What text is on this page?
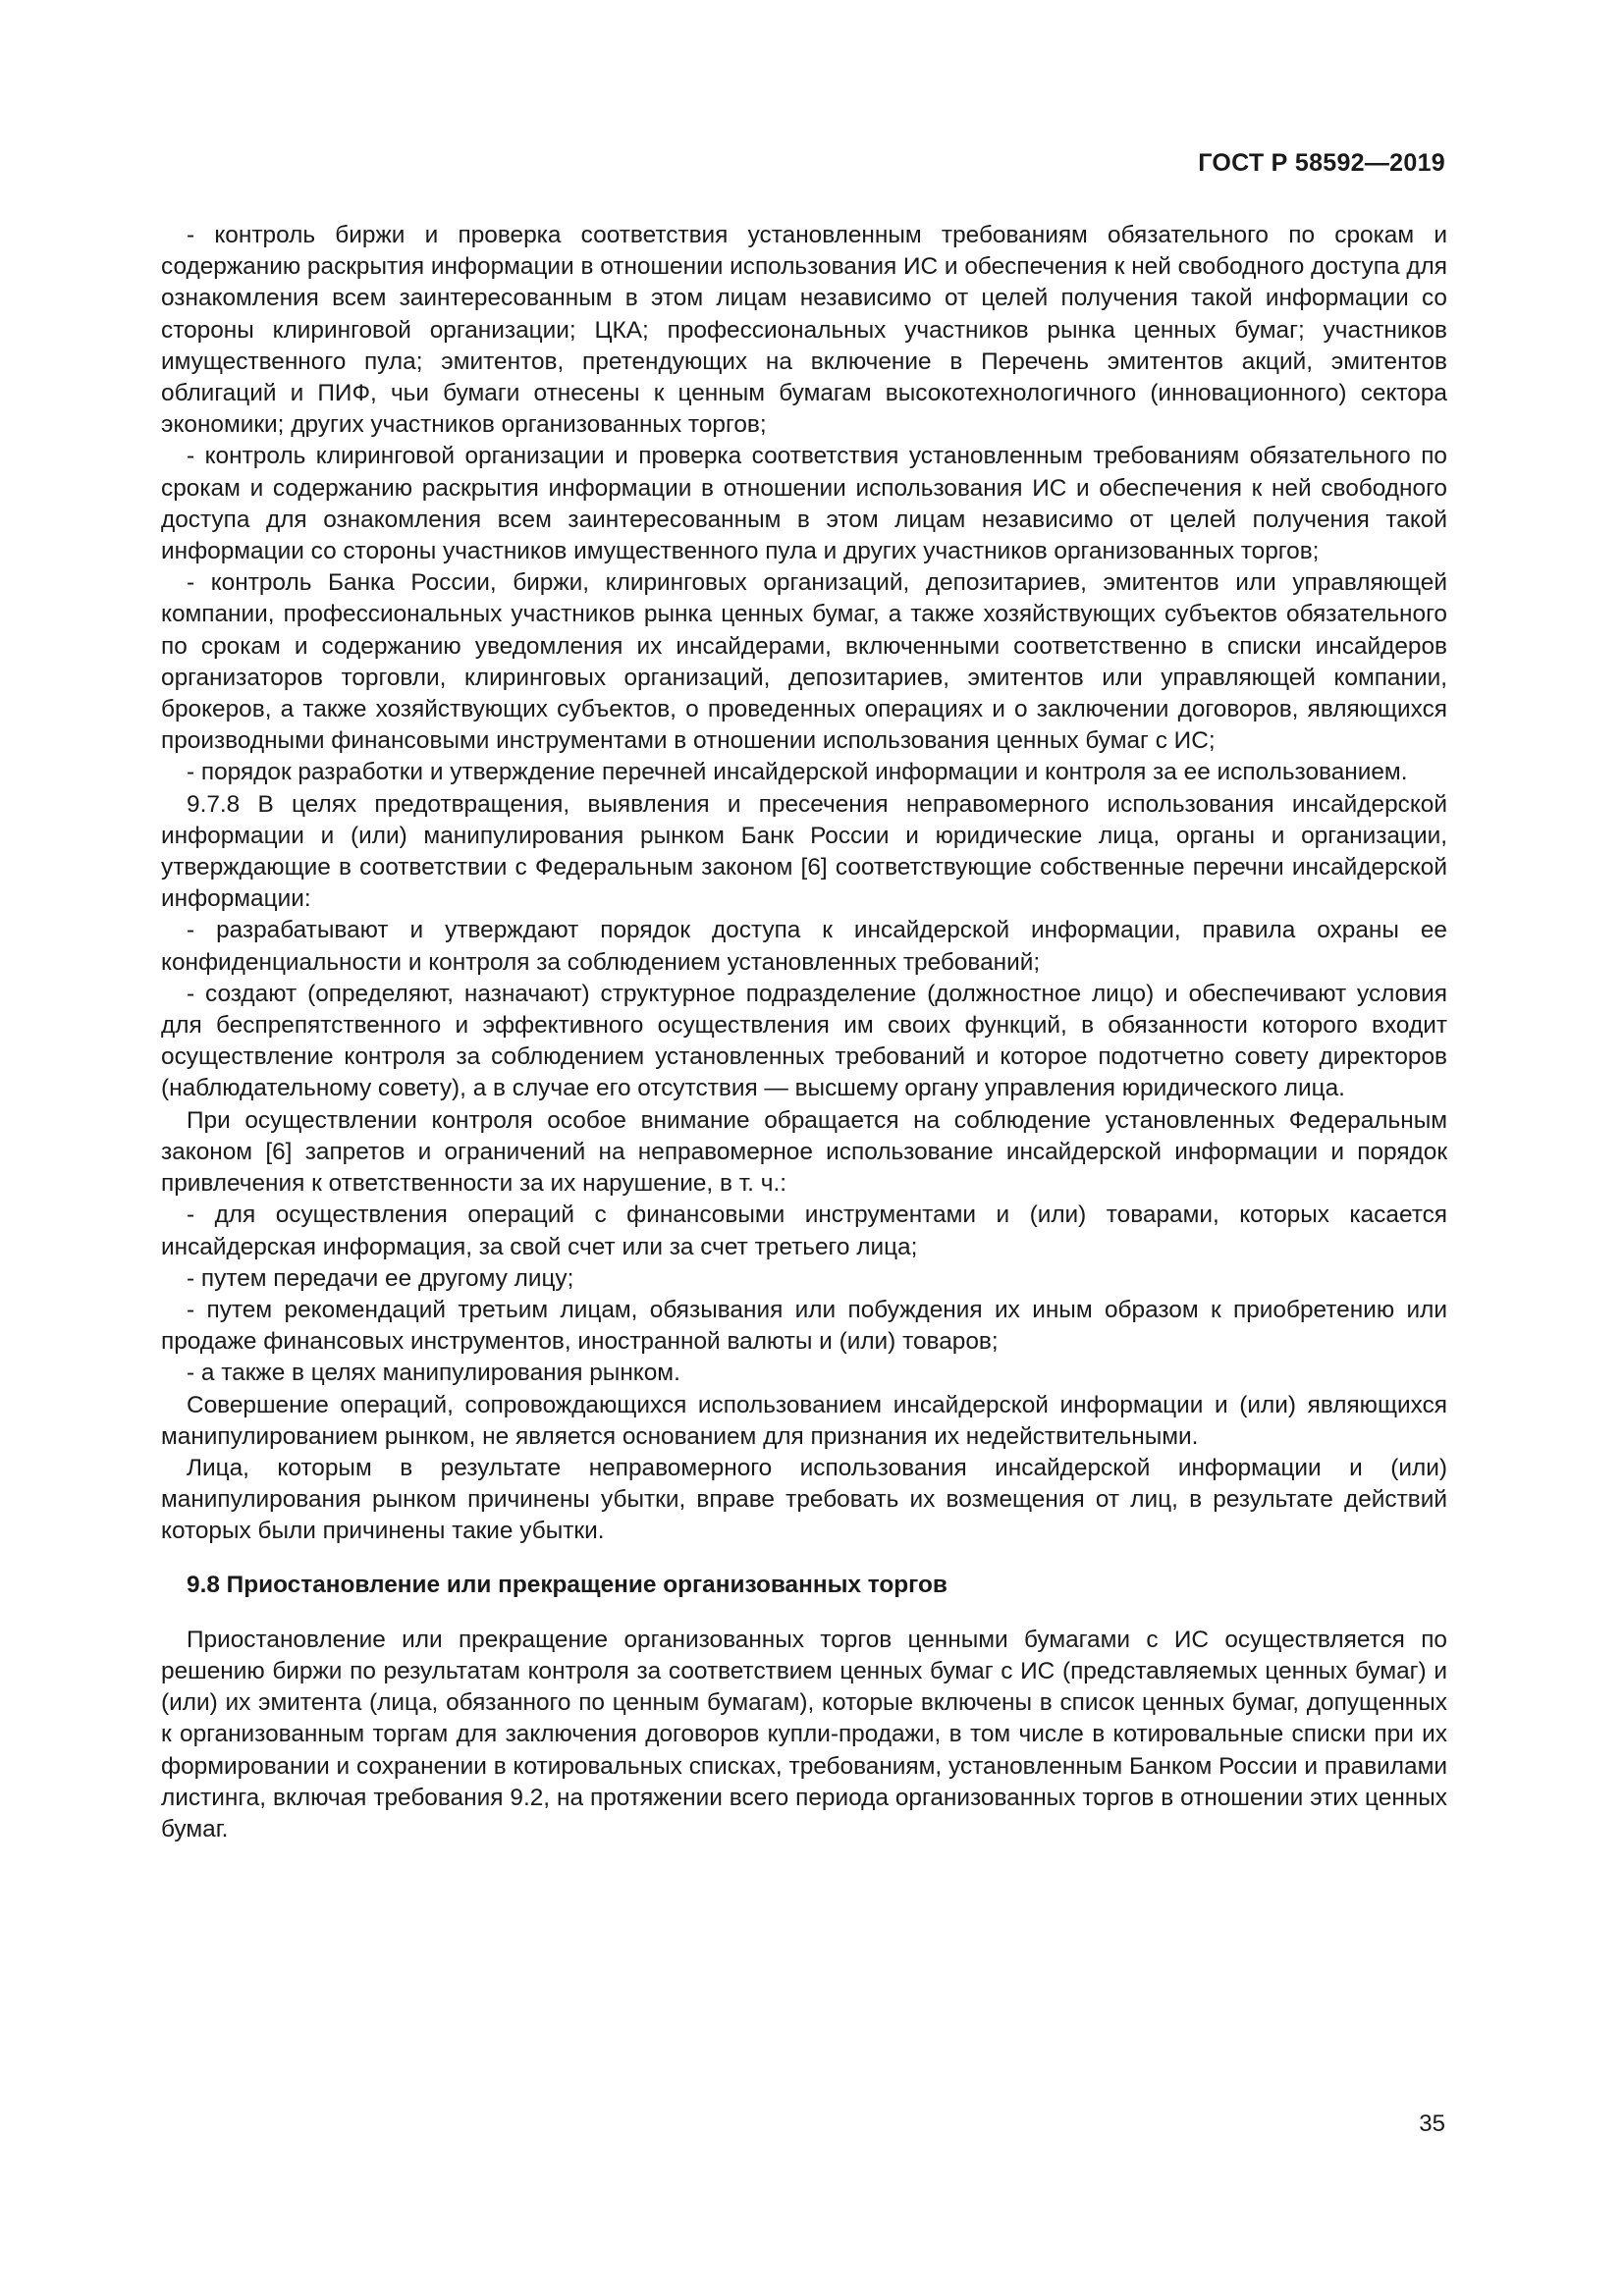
ГОСТ Р 58592—2019

- контроль биржи и проверка соответствия установленным требованиям обязательного по срокам и содержанию раскрытия информации в отношении использования ИС и обеспечения к ней свободного доступа для ознакомления всем заинтересованным в этом лицам независимо от целей получения такой информации со стороны клиринговой организации; ЦКА; профессиональных участников рынка ценных бумаг; участников имущественного пула; эмитентов, претендующих на включение в Перечень эмитентов акций, эмитентов облигаций и ПИФ, чьи бумаги отнесены к ценным бумагам высокотехнологичного (инновационного) сектора экономики; других участников организованных торгов;

- контроль клиринговой организации и проверка соответствия установленным требованиям обязательного по срокам и содержанию раскрытия информации в отношении использования ИС и обеспечения к ней свободного доступа для ознакомления всем заинтересованным в этом лицам независимо от целей получения такой информации со стороны участников имущественного пула и других участников организованных торгов;

- контроль Банка России, биржи, клиринговых организаций, депозитариев, эмитентов или управляющей компании, профессиональных участников рынка ценных бумаг, а также хозяйствующих субъектов обязательного по срокам и содержанию уведомления их инсайдерами, включенными соответственно в списки инсайдеров организаторов торговли, клиринговых организаций, депозитариев, эмитентов или управляющей компании, брокеров, а также хозяйствующих субъектов, о проведенных операциях и о заключении договоров, являющихся производными финансовыми инструментами в отношении использования ценных бумаг с ИС;

- порядок разработки и утверждение перечней инсайдерской информации и контроля за ее использованием.

9.7.8 В целях предотвращения, выявления и пресечения неправомерного использования инсайдерской информации и (или) манипулирования рынком Банк России и юридические лица, органы и организации, утверждающие в соответствии с Федеральным законом [6] соответствующие собственные перечни инсайдерской информации:

- разрабатывают и утверждают порядок доступа к инсайдерской информации, правила охраны ее конфиденциальности и контроля за соблюдением установленных требований;

- создают (определяют, назначают) структурное подразделение (должностное лицо) и обеспечивают условия для беспрепятственного и эффективного осуществления им своих функций, в обязанности которого входит осуществление контроля за соблюдением установленных требований и которое подотчетно совету директоров (наблюдательному совету), а в случае его отсутствия — высшему органу управления юридического лица.

При осуществлении контроля особое внимание обращается на соблюдение установленных Федеральным законом [6] запретов и ограничений на неправомерное использование инсайдерской информации и порядок привлечения к ответственности за их нарушение, в т. ч.:

- для осуществления операций с финансовыми инструментами и (или) товарами, которых касается инсайдерская информация, за свой счет или за счет третьего лица;

- путем передачи ее другому лицу;

- путем рекомендаций третьим лицам, обязывания или побуждения их иным образом к приобретению или продаже финансовых инструментов, иностранной валюты и (или) товаров;

- а также в целях манипулирования рынком.

Совершение операций, сопровождающихся использованием инсайдерской информации и (или) являющихся манипулированием рынком, не является основанием для признания их недействительными.

Лица, которым в результате неправомерного использования инсайдерской информации и (или) манипулирования рынком причинены убытки, вправе требовать их возмещения от лиц, в результате действий которых были причинены такие убытки.

9.8 Приостановление или прекращение организованных торгов

Приостановление или прекращение организованных торгов ценными бумагами с ИС осуществляется по решению биржи по результатам контроля за соответствием ценных бумаг с ИС (представляемых ценных бумаг) и (или) их эмитента (лица, обязанного по ценным бумагам), которые включены в список ценных бумаг, допущенных к организованным торгам для заключения договоров купли-продажи, в том числе в котировальные списки при их формировании и сохранении в котировальных списках, требованиям, установленным Банком России и правилами листинга, включая требования 9.2, на протяжении всего периода организованных торгов в отношении этих ценных бумаг.

35
